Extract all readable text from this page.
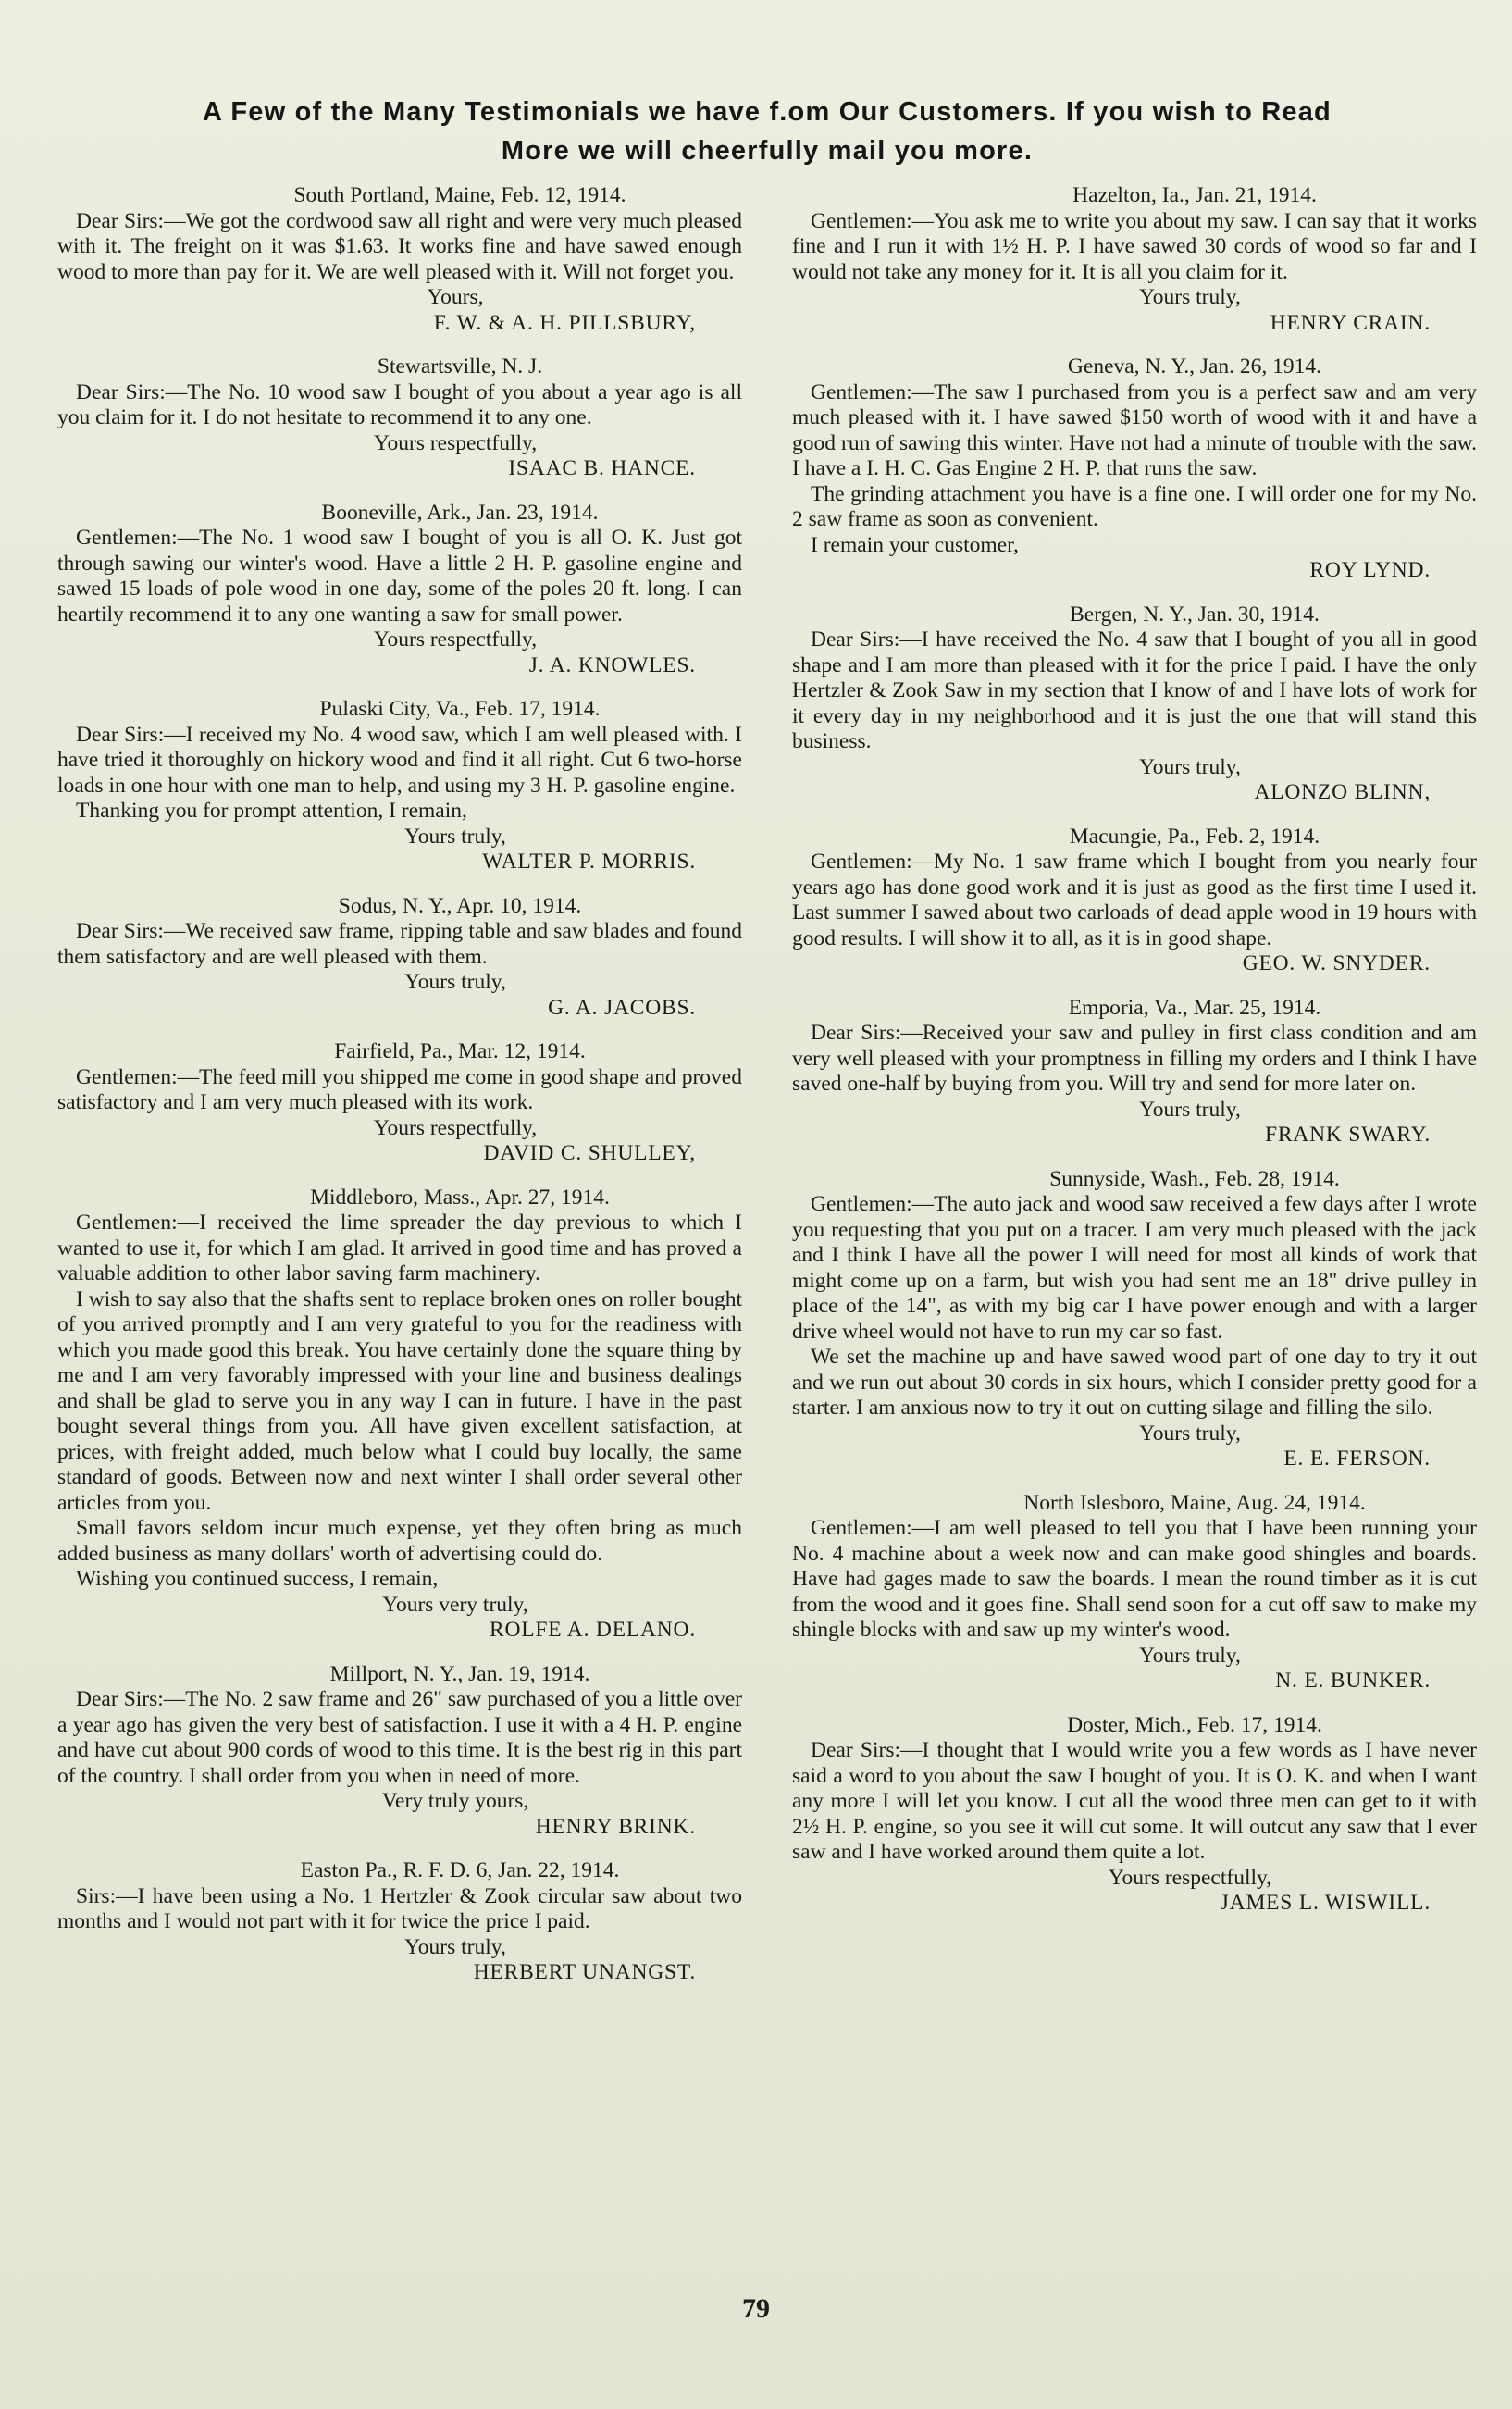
A Few of the Many Testimonials we have f.om Our Customers. If you wish to Read
More we will cheerfully mail you more.
South Portland, Maine, Feb. 12, 1914.

Dear Sirs:—We got the cordwood saw all right and were very much pleased with it. The freight on it was $1.63. It works fine and have sawed enough wood to more than pay for it. We are well pleased with it. Will not forget you.

Yours,
F. W. & A. H. PILLSBURY,
Stewartsville, N. J.

Dear Sirs:—The No. 10 wood saw I bought of you about a year ago is all you claim for it. I do not hesitate to recommend it to any one.

Yours respectfully,
ISAAC B. HANCE.
Booneville, Ark., Jan. 23, 1914.

Gentlemen:—The No. 1 wood saw I bought of you is all O. K. Just got through sawing our winter's wood. Have a little 2 H. P. gasoline engine and sawed 15 loads of pole wood in one day, some of the poles 20 ft. long. I can heartily recommend it to any one wanting a saw for small power.

Yours respectfully,
J. A. KNOWLES.
Pulaski City, Va., Feb. 17, 1914.

Dear Sirs:—I received my No. 4 wood saw, which I am well pleased with. I have tried it thoroughly on hickory wood and find it all right. Cut 6 two-horse loads in one hour with one man to help, and using my 3 H. P. gasoline engine.

Thanking you for prompt attention, I remain,

Yours truly,
WALTER P. MORRIS.
Sodus, N. Y., Apr. 10, 1914.

Dear Sirs:—We received saw frame, ripping table and saw blades and found them satisfactory and are well pleased with them.

Yours truly,
G. A. JACOBS.
Fairfield, Pa., Mar. 12, 1914.

Gentlemen:—The feed mill you shipped me come in good shape and proved satisfactory and I am very much pleased with its work.

Yours respectfully,
DAVID C. SHULLEY,
Middleboro, Mass., Apr. 27, 1914.

Gentlemen:—I received the lime spreader the day previous to which I wanted to use it, for which I am glad. It arrived in good time and has proved a valuable addition to other labor saving farm machinery.

I wish to say also that the shafts sent to replace broken ones on roller bought of you arrived promptly and I am very grateful to you for the readiness with which you made good this break. You have certainly done the square thing by me and I am very favorably impressed with your line and business dealings and shall be glad to serve you in any way I can in future. I have in the past bought several things from you. All have given excellent satisfaction, at prices, with freight added, much below what I could buy locally, the same standard of goods. Between now and next winter I shall order several other articles from you.

Small favors seldom incur much expense, yet they often bring as much added business as many dollars' worth of advertising could do.

Wishing you continued success, I remain,

Yours very truly,
ROLFE A. DELANO.
Millport, N. Y., Jan. 19, 1914.

Dear Sirs:—The No. 2 saw frame and 26" saw purchased of you a little over a year ago has given the very best of satisfaction. I use it with a 4 H. P. engine and have cut about 900 cords of wood to this time. It is the best rig in this part of the country. I shall order from you when in need of more.

Very truly yours,
HENRY BRINK.
Easton Pa., R. F. D. 6, Jan. 22, 1914.

Sirs:—I have been using a No. 1 Hertzler & Zook circular saw about two months and I would not part with it for twice the price I paid.

Yours truly,
HERBERT UNANGST.
Hazelton, Ia., Jan. 21, 1914.

Gentlemen:—You ask me to write you about my saw. I can say that it works fine and I run it with 1½ H. P. I have sawed 30 cords of wood so far and I would not take any money for it. It is all you claim for it.

Yours truly,
HENRY CRAIN.
Geneva, N. Y., Jan. 26, 1914.

Gentlemen:—The saw I purchased from you is a perfect saw and am very much pleased with it. I have sawed $150 worth of wood with it and have a good run of sawing this winter. Have not had a minute of trouble with the saw. I have a I. H. C. Gas Engine 2 H. P. that runs the saw.

The grinding attachment you have is a fine one. I will order one for my No. 2 saw frame as soon as convenient.

I remain your customer,

ROY LYND.
Bergen, N. Y., Jan. 30, 1914.

Dear Sirs:—I have received the No. 4 saw that I bought of you all in good shape and I am more than pleased with it for the price I paid. I have the only Hertzler & Zook Saw in my section that I know of and I have lots of work for it every day in my neighborhood and it is just the one that will stand this business.

Yours truly,
ALONZO BLINN,
Macungie, Pa., Feb. 2, 1914.

Gentlemen:—My No. 1 saw frame which I bought from you nearly four years ago has done good work and it is just as good as the first time I used it. Last summer I sawed about two carloads of dead apple wood in 19 hours with good results. I will show it to all, as it is in good shape.

GEO. W. SNYDER.
Emporia, Va., Mar. 25, 1914.

Dear Sirs:—Received your saw and pulley in first class condition and am very well pleased with your promptness in filling my orders and I think I have saved one-half by buying from you. Will try and send for more later on.

Yours truly,
FRANK SWARY.
Sunnyside, Wash., Feb. 28, 1914.

Gentlemen:—The auto jack and wood saw received a few days after I wrote you requesting that you put on a tracer. I am very much pleased with the jack and I think I have all the power I will need for most all kinds of work that might come up on a farm, but wish you had sent me an 18" drive pulley in place of the 14", as with my big car I have power enough and with a larger drive wheel would not have to run my car so fast.

We set the machine up and have sawed wood part of one day to try it out and we run out about 30 cords in six hours, which I consider pretty good for a starter. I am anxious now to try it out on cutting silage and filling the silo.

Yours truly,
E. E. FERSON.
North Islesboro, Maine, Aug. 24, 1914.

Gentlemen:—I am well pleased to tell you that I have been running your No. 4 machine about a week now and can make good shingles and boards. Have had gages made to saw the boards. I mean the round timber as it is cut from the wood and it goes fine. Shall send soon for a cut off saw to make my shingle blocks with and saw up my winter's wood.

Yours truly,
N. E. BUNKER.
Doster, Mich., Feb. 17, 1914.

Dear Sirs:—I thought that I would write you a few words as I have never said a word to you about the saw I bought of you. It is O. K. and when I want any more I will let you know. I cut all the wood three men can get to it with 2½ H. P. engine, so you see it will cut some. It will outcut any saw that I ever saw and I have worked around them quite a lot.

Yours respectfully,
JAMES L. WISWILL.
79
